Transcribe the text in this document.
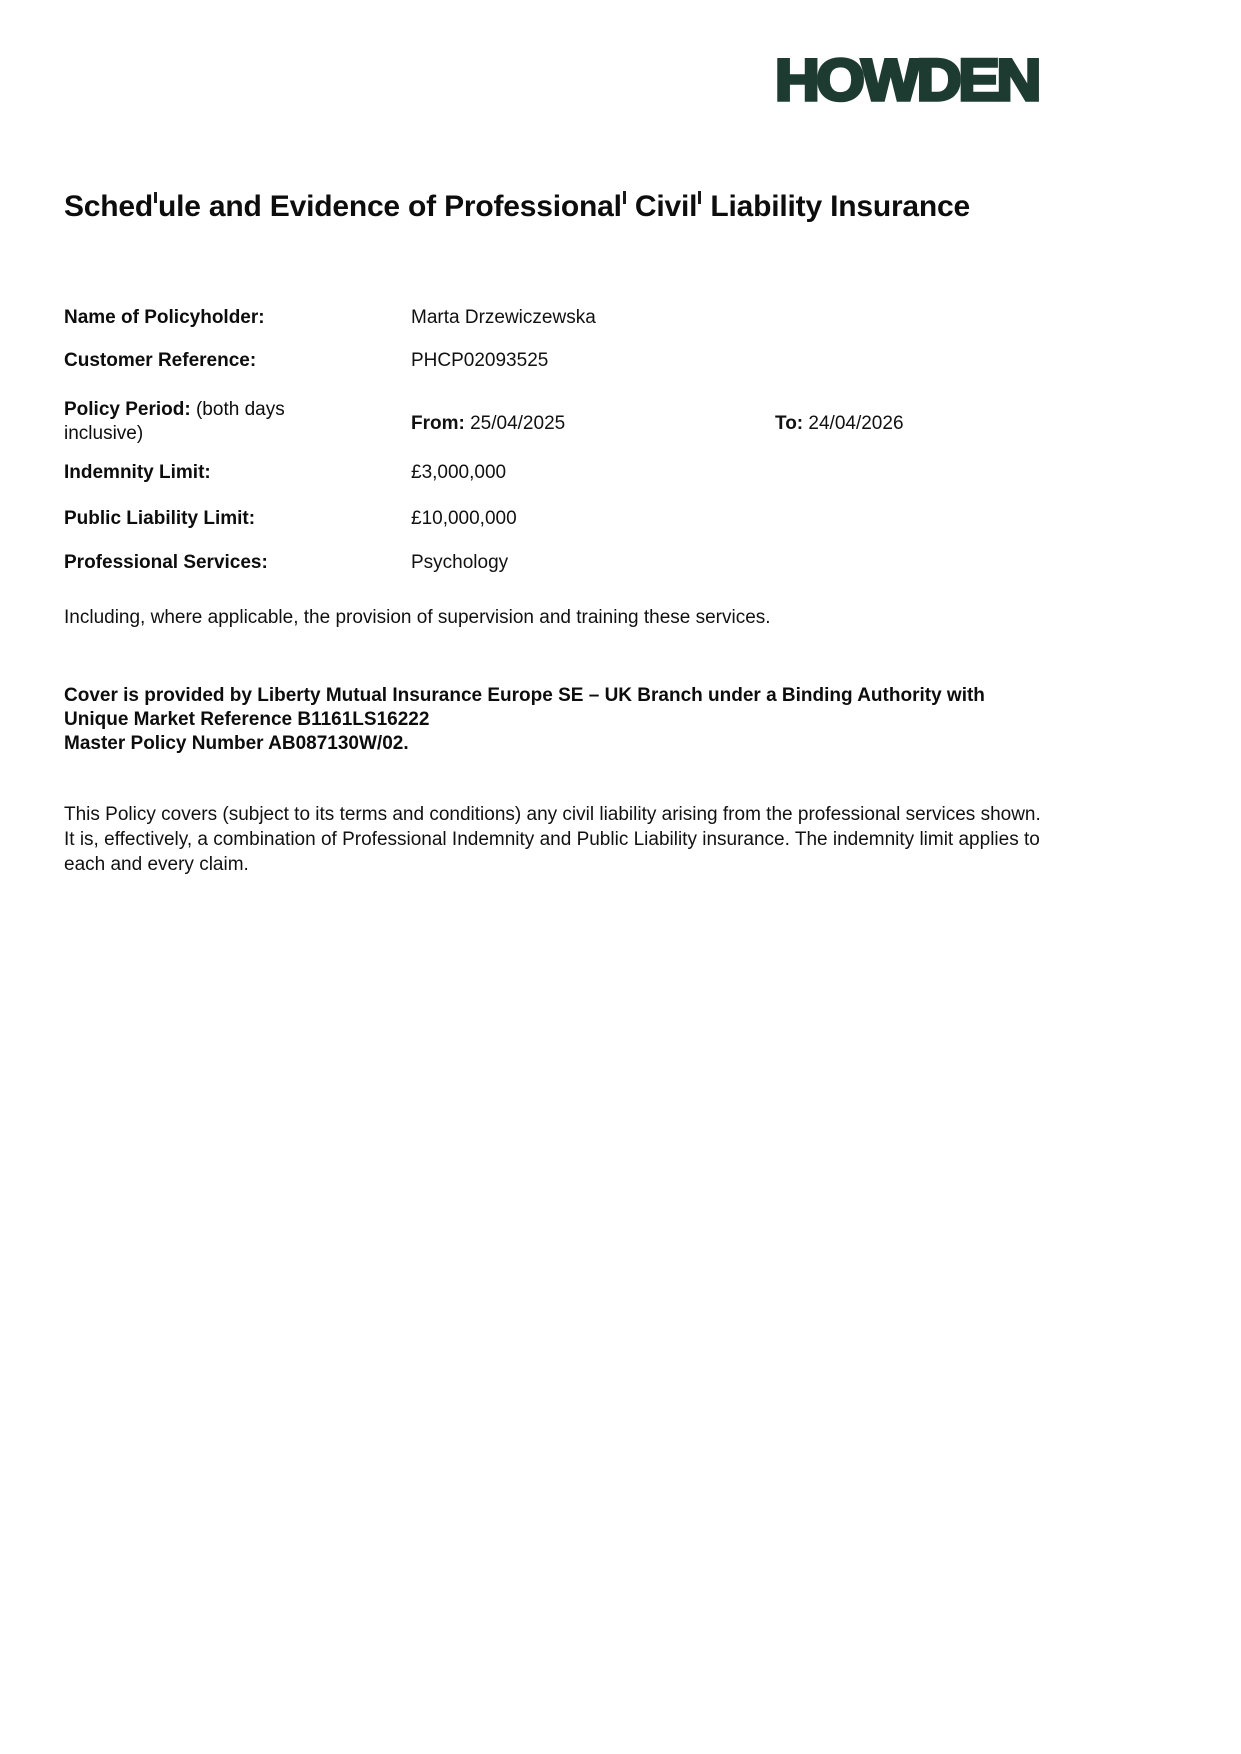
HOWDEN
Sched ule and Evidence of Professional Civil Liability Insurance
Name of Policyholder:	Marta Drzewiczewska
Customer Reference:	PHCP02093525
Policy Period: (both days inclusive)	From: 25/04/2025	To: 24/04/2026
Indemnity Limit:	£3,000,000
Public Liability Limit:	£10,000,000
Professional Services:	Psychology

Including, where applicable, the provision of supervision and training these services.

Cover is provided by Liberty Mutual Insurance Europe SE – UK Branch under a Binding Authority with
Unique Market Reference B1161LS16222
Master Policy Number AB087130W/02.
This Policy covers (subject to its terms and conditions) any civil liability arising from the professional services shown.
It is, effectively, a combination of Professional Indemnity and Public Liability insurance. The indemnity limit applies to
each and every claim.
